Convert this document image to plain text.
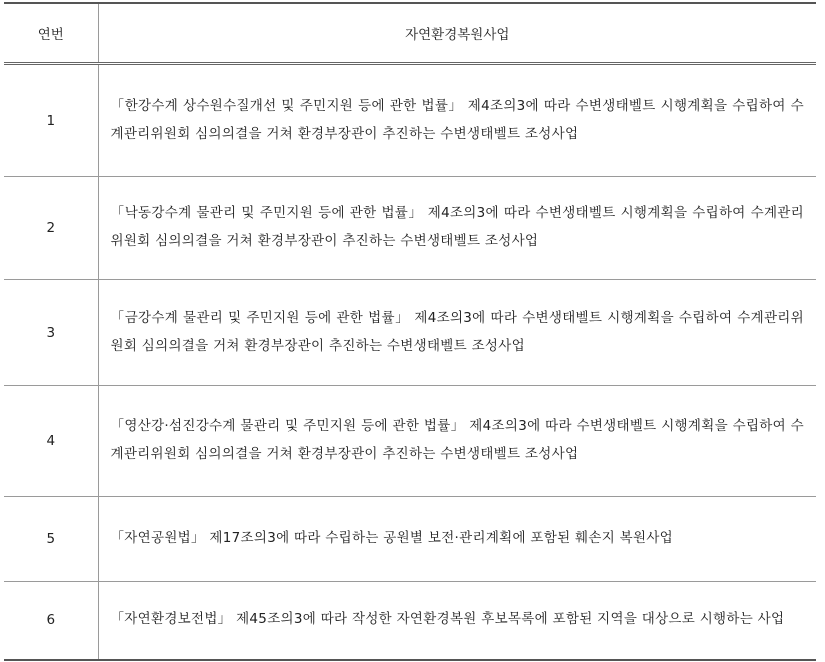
연번	자연환경복원사업
1	「한강수계 상수원수질개선 및 주민지원 등에 관한 법률」 제4조의3에 따라 수변생태벨트 시행계획을 수립하여 수계관리위원회 심의의결을 거쳐 환경부장관이 추진하는 수변생태벨트 조성사업
2	「낙동강수계 물관리 및 주민지원 등에 관한 법률」 제4조의3에 따라 수변생태벨트 시행계획을 수립하여 수계관리위원회 심의의결을 거쳐 환경부장관이 추진하는 수변생태벨트 조성사업
3	「금강수계 물관리 및 주민지원 등에 관한 법률」 제4조의3에 따라 수변생태벨트 시행계획을 수립하여 수계관리위원회 심의의결을 거쳐 환경부장관이 추진하는 수변생태벨트 조성사업
4	「영산강·섬진강수계 물관리 및 주민지원 등에 관한 법률」 제4조의3에 따라 수변생태벨트 시행계획을 수립하여 수계관리위원회 심의의결을 거쳐 환경부장관이 추진하는 수변생태벨트 조성사업
5	「자연공원법」 제17조의3에 따라 수립하는 공원별 보전·관리계획에 포함된 훼손지 복원사업
6	「자연환경보전법」 제45조의3에 따라 작성한 자연환경복원 후보목록에 포함된 지역을 대상으로 시행하는 사업
